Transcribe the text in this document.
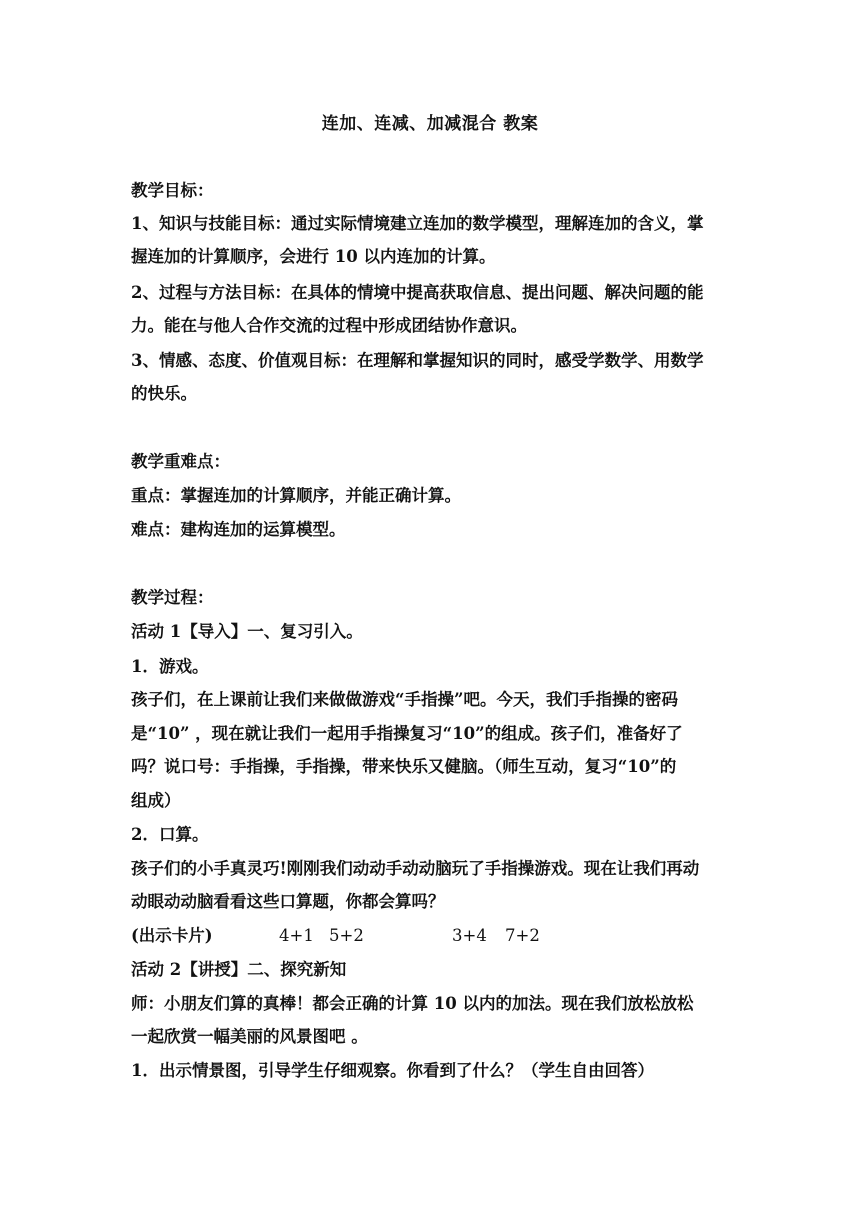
连加、连减、加减混合 教案
教学目标：
1、知识与技能目标：通过实际情境建立连加的数学模型，理解连加的含义，掌
握连加的计算顺序，会进行 10 以内连加的计算。
2、过程与方法目标：在具体的情境中提高获取信息、提出问题、解决问题的能
力。能在与他人合作交流的过程中形成团结协作意识。
3、情感、态度、价值观目标：在理解和掌握知识的同时，感受学数学、用数学
的快乐。
教学重难点：
重点：掌握连加的计算顺序，并能正确计算。
难点：建构连加的运算模型。
教学过程：
活动 1【导入】一、复习引入。
1．游戏。
孩子们，在上课前让我们来做做游戏“手指操”吧。今天，我们手指操的密码
是“10” ，现在就让我们一起用手指操复习“10”的组成。孩子们，准备好了
吗？说口号：手指操，手指操，带来快乐又健脑。（师生互动，复习“10”的
组成）
2．口算。
孩子们的小手真灵巧!刚刚我们动动手动动脑玩了手指操游戏。现在让我们再动
动眼动动脑看看这些口算题，你都会算吗？
(出示卡片)	4+1 5+2	3+4 7+2
活动 2【讲授】二、探究新知
师：小朋友们算的真棒！都会正确的计算 10 以内的加法。现在我们放松放松
一起欣赏一幅美丽的风景图吧 。
1．出示情景图，引导学生仔细观察。你看到了什么？（学生自由回答）
